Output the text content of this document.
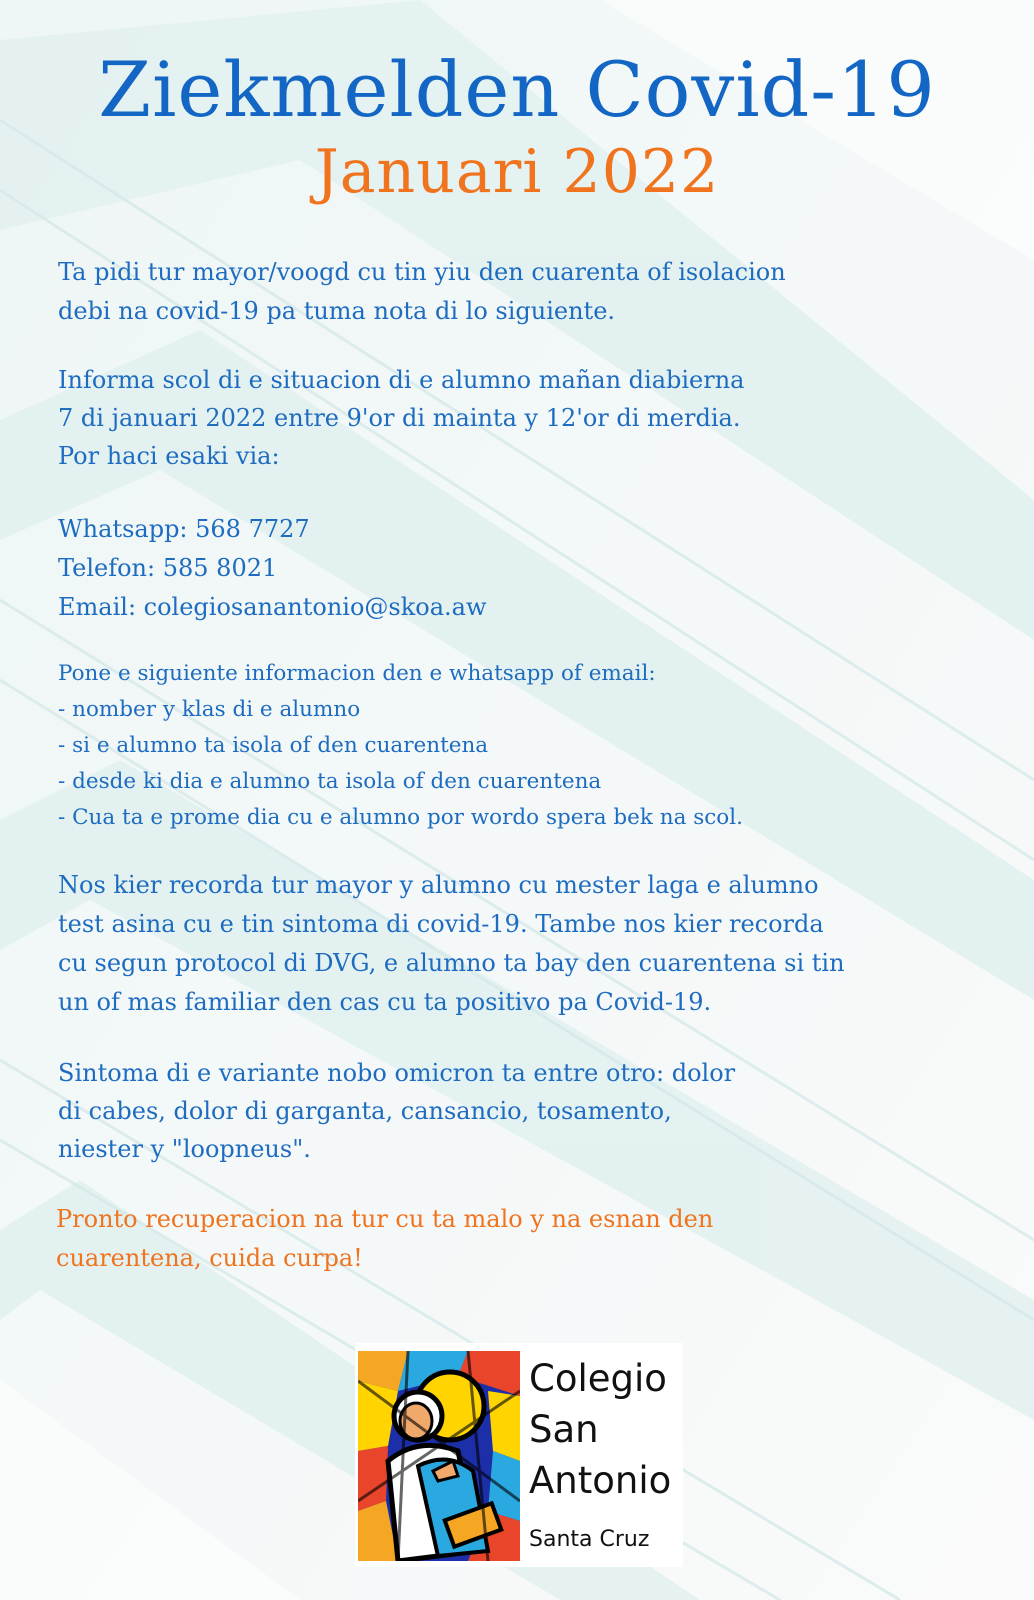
Ziekmelden Covid-19
Januari 2022

Ta pidi tur mayor/voogd cu tin yiu den cuarenta of isolacion
debi na covid-19 pa tuma nota di lo siguiente.

Informa scol di e situacion di e alumno mañan diabierna
7 di januari 2022 entre 9'or di mainta y 12'or di merdia.
Por haci esaki via:

Whatsapp: 568 7727
Telefon: 585 8021
Email: colegiosanantonio@skoa.aw

Pone e siguiente informacion den e whatsapp of email:
- nomber y klas di e alumno
- si e alumno ta isola of den cuarentena
- desde ki dia e alumno ta isola of den cuarentena
- Cua ta e prome dia cu e alumno por wordo spera bek na scol.

Nos kier recorda tur mayor y alumno cu mester laga e alumno
test asina cu e tin sintoma di covid-19. Tambe nos kier recorda
cu segun protocol di DVG, e alumno ta bay den cuarentena si tin
un of mas familiar den cas cu ta positivo pa Covid-19.

Sintoma di e variante nobo omicron ta entre otro: dolor
di cabes, dolor di garganta, cansancio, tosamento,
niester y "loopneus".

Pronto recuperacion na tur cu ta malo y na esnan den
cuarentena, cuida curpa!

Colegio
San
Antonio
Santa Cruz
